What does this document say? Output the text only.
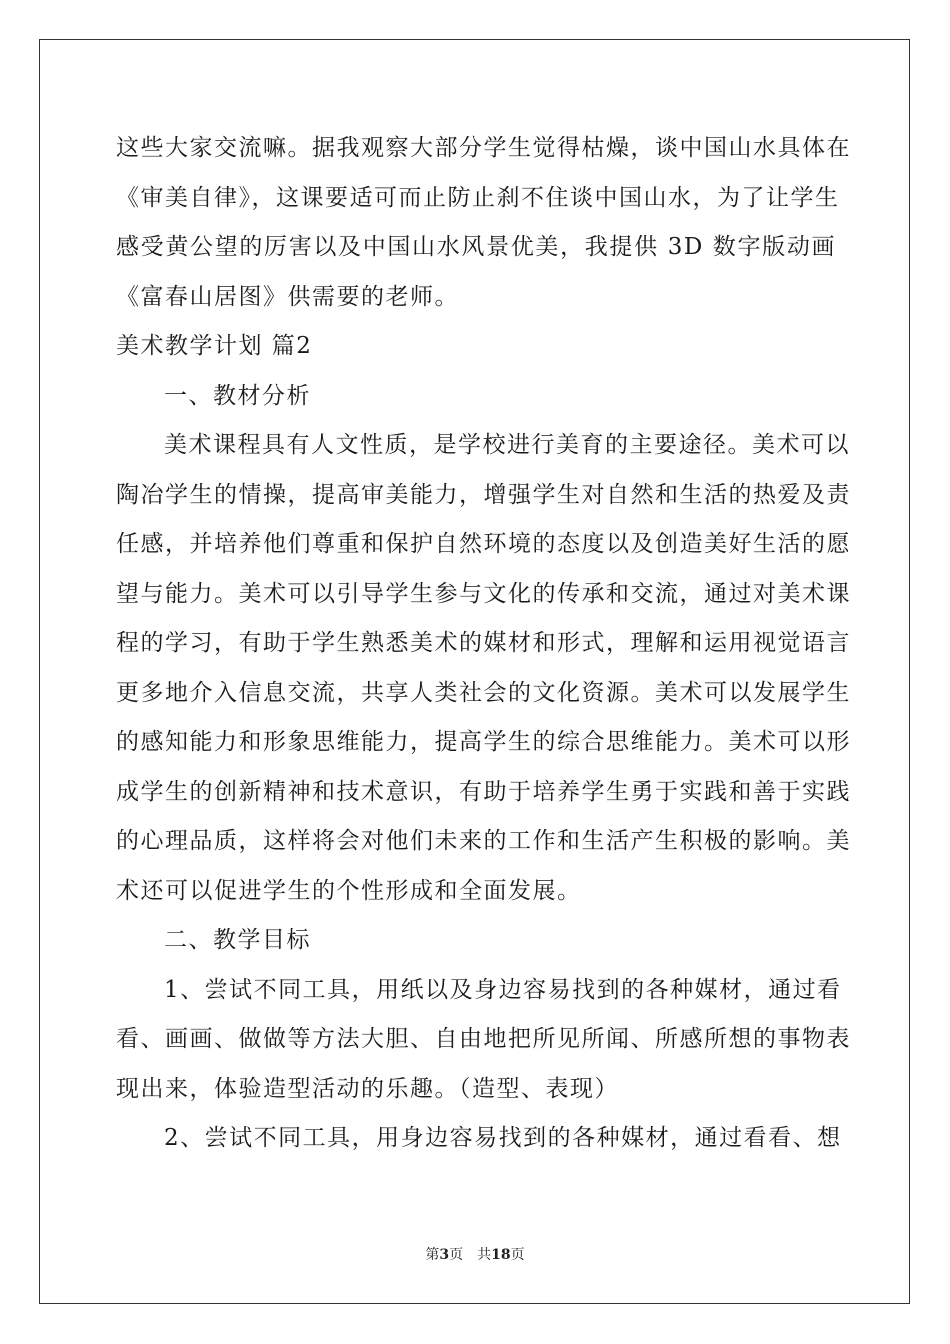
这些大家交流嘛。据我观察大部分学生觉得枯燥，谈中国山水具体在
《审美自律》，这课要适可而止防止刹不住谈中国山水，为了让学生
感受黄公望的厉害以及中国山水风景优美，我提供 3D 数字版动画
《富春山居图》供需要的老师。
美术教学计划 篇2
一、教材分析
美术课程具有人文性质，是学校进行美育的主要途径。美术可以
陶冶学生的情操，提高审美能力，增强学生对自然和生活的热爱及责
任感，并培养他们尊重和保护自然环境的态度以及创造美好生活的愿
望与能力。美术可以引导学生参与文化的传承和交流，通过对美术课
程的学习，有助于学生熟悉美术的媒材和形式，理解和运用视觉语言
更多地介入信息交流，共享人类社会的文化资源。美术可以发展学生
的感知能力和形象思维能力，提高学生的综合思维能力。美术可以形
成学生的创新精神和技术意识，有助于培养学生勇于实践和善于实践
的心理品质，这样将会对他们未来的工作和生活产生积极的影响。美
术还可以促进学生的个性形成和全面发展。
二、教学目标
1、尝试不同工具，用纸以及身边容易找到的各种媒材，通过看
看、画画、做做等方法大胆、自由地把所见所闻、所感所想的事物表
现出来，体验造型活动的乐趣。（造型、表现）
2、尝试不同工具，用身边容易找到的各种媒材，通过看看、想
第3页　共18页
